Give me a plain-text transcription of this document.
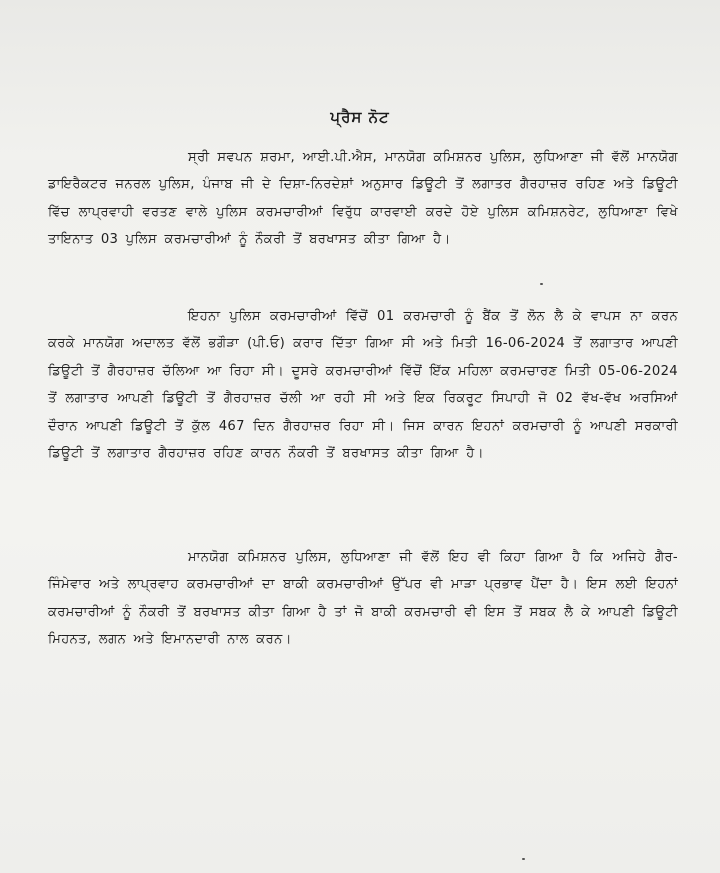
ਪ੍ਰੈਸ ਨੋਟ

ਸ੍ਰੀ ਸਵਪਨ ਸ਼ਰਮਾ, ਆਈ.ਪੀ.ਐਸ, ਮਾਨਯੋਗ ਕਮਿਸ਼ਨਰ ਪੁਲਿਸ, ਲੁਧਿਆਣਾ ਜੀ ਵੱਲੋਂ ਮਾਨਯੋਗ ਡਾਇਰੈਕਟਰ ਜਨਰਲ ਪੁਲਿਸ, ਪੰਜਾਬ ਜੀ ਦੇ ਦਿਸ਼ਾ-ਨਿਰਦੇਸ਼ਾਂ ਅਨੁਸਾਰ ਡਿਊਟੀ ਤੋਂ ਲਗਾਤਰ ਗੈਰਹਾਜ਼ਰ ਰਹਿਣ ਅਤੇ ਡਿਊਟੀ ਵਿੱਚ ਲਾਪ੍ਰਵਾਹੀ ਵਰਤਣ ਵਾਲੇ ਪੁਲਿਸ ਕਰਮਚਾਰੀਆਂ ਵਿਰੁੱਧ ਕਾਰਵਾਈ ਕਰਦੇ ਹੋਏ ਪੁਲਿਸ ਕਮਿਸ਼ਨਰੇਟ, ਲੁਧਿਆਣਾ ਵਿਖੇ ਤਾਇਨਾਤ 03 ਪੁਲਿਸ ਕਰਮਚਾਰੀਆਂ ਨੂੰ ਨੌਕਰੀ ਤੋਂ ਬਰਖਾਸਤ ਕੀਤਾ ਗਿਆ ਹੈ।

ਇਹਨਾ ਪੁਲਿਸ ਕਰਮਚਾਰੀਆਂ ਵਿੱਚੋਂ 01 ਕਰਮਚਾਰੀ ਨੂੰ ਬੈਂਕ ਤੋਂ ਲੋਨ ਲੈ ਕੇ ਵਾਪਸ ਨਾ ਕਰਨ ਕਰਕੇ ਮਾਨਯੋਗ ਅਦਾਲਤ ਵੱਲੋਂ ਭਗੌੜਾ (ਪੀ.ਓ) ਕਰਾਰ ਦਿੱਤਾ ਗਿਆ ਸੀ ਅਤੇ ਮਿਤੀ 16-06-2024 ਤੋਂ ਲਗਾਤਾਰ ਆਪਣੀ ਡਿਊਟੀ ਤੋਂ ਗੈਰਹਾਜ਼ਰ ਚੱਲਿਆ ਆ ਰਿਹਾ ਸੀ। ਦੂਸਰੇ ਕਰਮਚਾਰੀਆਂ ਵਿੱਚੋਂ ਇੱਕ ਮਹਿਲਾ ਕਰਮਚਾਰਣ ਮਿਤੀ 05-06-2024 ਤੋਂ ਲਗਾਤਾਰ ਆਪਣੀ ਡਿਊਟੀ ਤੋਂ ਗੈਰਹਾਜ਼ਰ ਚੱਲੀ ਆ ਰਹੀ ਸੀ ਅਤੇ ਇਕ ਰਿਕਰੂਟ ਸਿਪਾਹੀ ਜੋ 02 ਵੱਖ-ਵੱਖ ਅਰਸਿਆਂ ਦੌਰਾਨ ਆਪਣੀ ਡਿਊਟੀ ਤੋਂ ਕੁੱਲ 467 ਦਿਨ ਗੈਰਹਾਜ਼ਰ ਰਿਹਾ ਸੀ। ਜਿਸ ਕਾਰਨ ਇਹਨਾਂ ਕਰਮਚਾਰੀ ਨੂੰ ਆਪਣੀ ਸਰਕਾਰੀ ਡਿਊਟੀ ਤੋਂ ਲਗਾਤਾਰ ਗੈਰਹਾਜ਼ਰ ਰਹਿਣ ਕਾਰਨ ਨੌਕਰੀ ਤੋਂ ਬਰਖਾਸਤ ਕੀਤਾ ਗਿਆ ਹੈ।

ਮਾਨਯੋਗ ਕਮਿਸ਼ਨਰ ਪੁਲਿਸ, ਲੁਧਿਆਣਾ ਜੀ ਵੱਲੋਂ ਇਹ ਵੀ ਕਿਹਾ ਗਿਆ ਹੈ ਕਿ ਅਜਿਹੇ ਗੈਰ-ਜਿੰਮੇਵਾਰ ਅਤੇ ਲਾਪ੍ਰਵਾਹ ਕਰਮਚਾਰੀਆਂ ਦਾ ਬਾਕੀ ਕਰਮਚਾਰੀਆਂ ਉੱਪਰ ਵੀ ਮਾੜਾ ਪ੍ਰਭਾਵ ਪੈਂਦਾ ਹੈ। ਇਸ ਲਈ ਇਹਨਾਂ ਕਰਮਚਾਰੀਆਂ ਨੂੰ ਨੌਕਰੀ ਤੋਂ ਬਰਖਾਸਤ ਕੀਤਾ ਗਿਆ ਹੈ ਤਾਂ ਜੋ ਬਾਕੀ ਕਰਮਚਾਰੀ ਵੀ ਇਸ ਤੋਂ ਸਬਕ ਲੈ ਕੇ ਆਪਣੀ ਡਿਊਟੀ ਮਿਹਨਤ, ਲਗਨ ਅਤੇ ਇਮਾਨਦਾਰੀ ਨਾਲ ਕਰਨ।
